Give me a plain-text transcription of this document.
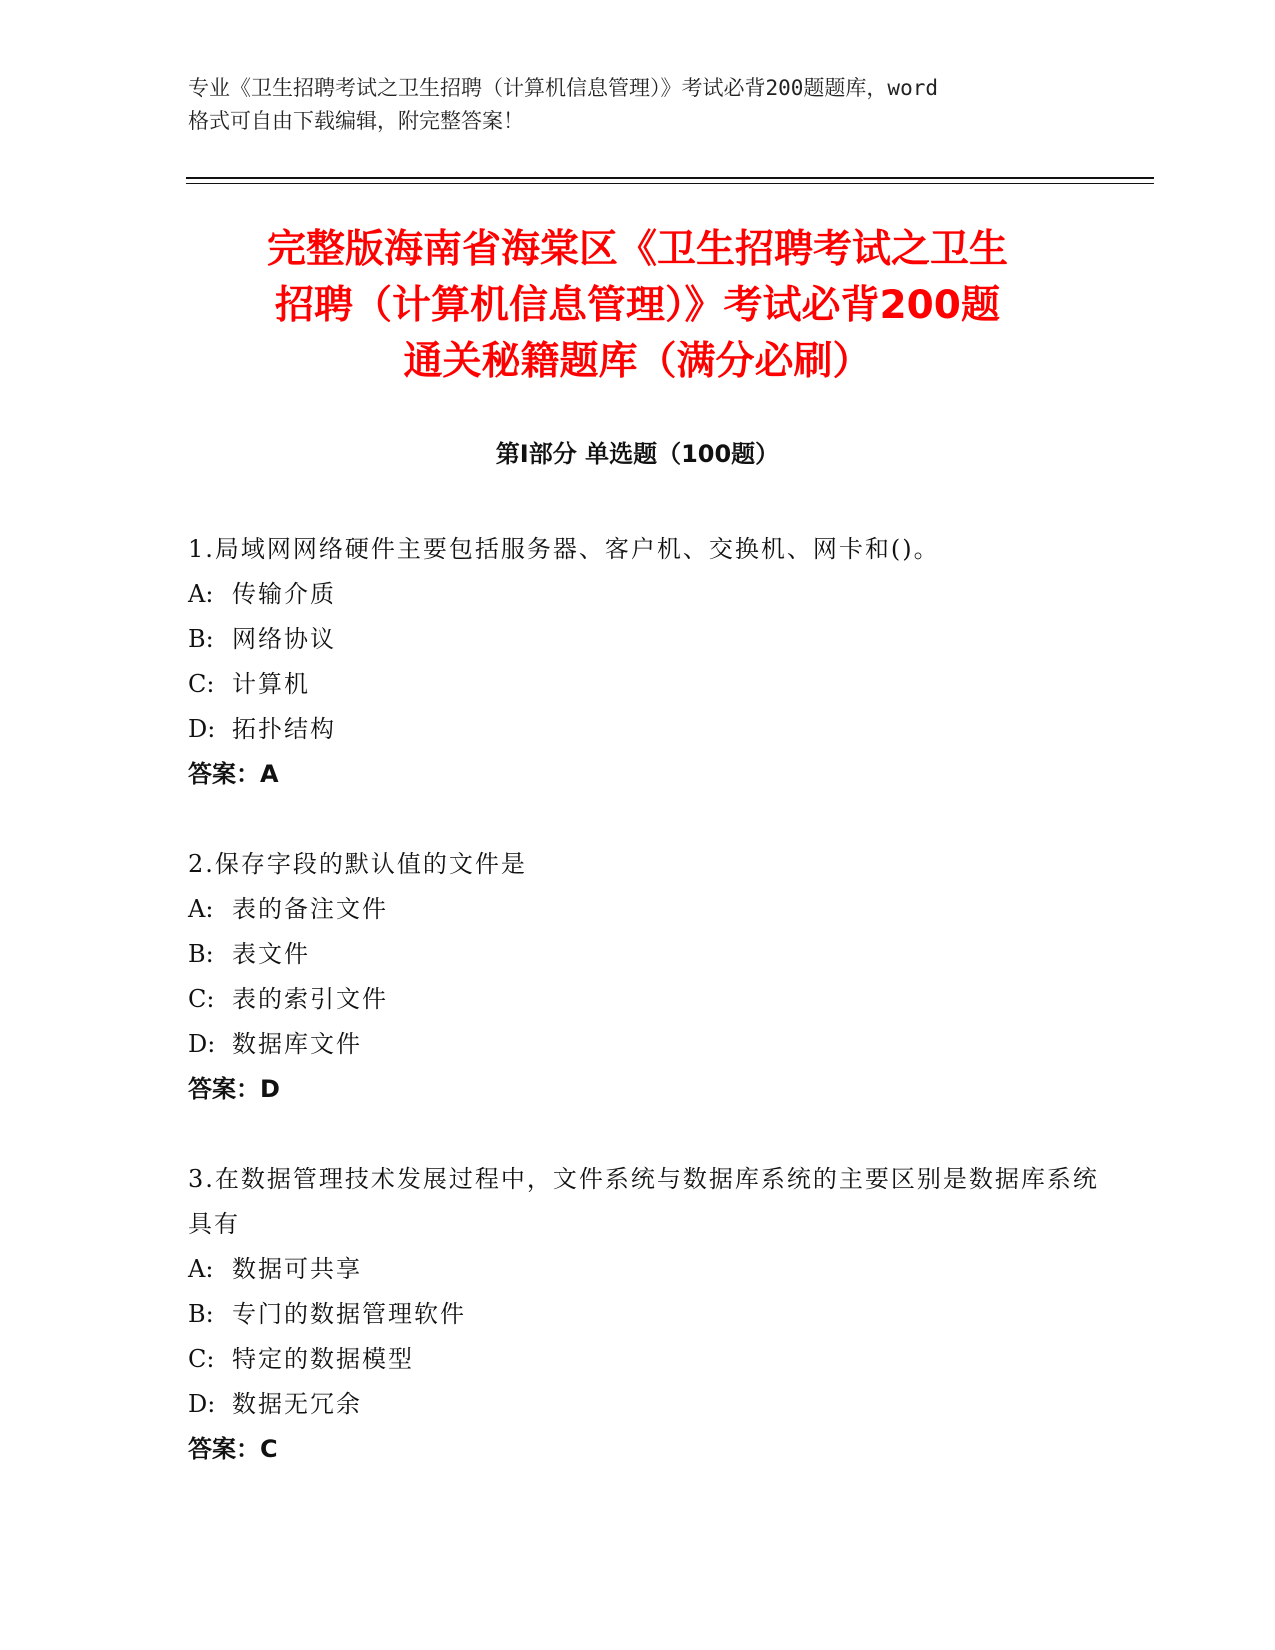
专业《卫生招聘考试之卫生招聘（计算机信息管理）》考试必背200题题库，word
格式可自由下载编辑，附完整答案！
完整版海南省海棠区《卫生招聘考试之卫生
招聘（计算机信息管理）》考试必背200题
通关秘籍题库（满分必刷）
第Ⅰ部分 单选题（100题）
1.局域网网络硬件主要包括服务器、客户机、交换机、网卡和()。
A: 传输介质
B: 网络协议
C: 计算机
D: 拓扑结构
答案：A
2.保存字段的默认值的文件是
A: 表的备注文件
B: 表文件
C: 表的索引文件
D: 数据库文件
答案：D
3.在数据管理技术发展过程中，文件系统与数据库系统的主要区别是数据库系统具有
A: 数据可共享
B: 专门的数据管理软件
C: 特定的数据模型
D: 数据无冗余
答案：C
